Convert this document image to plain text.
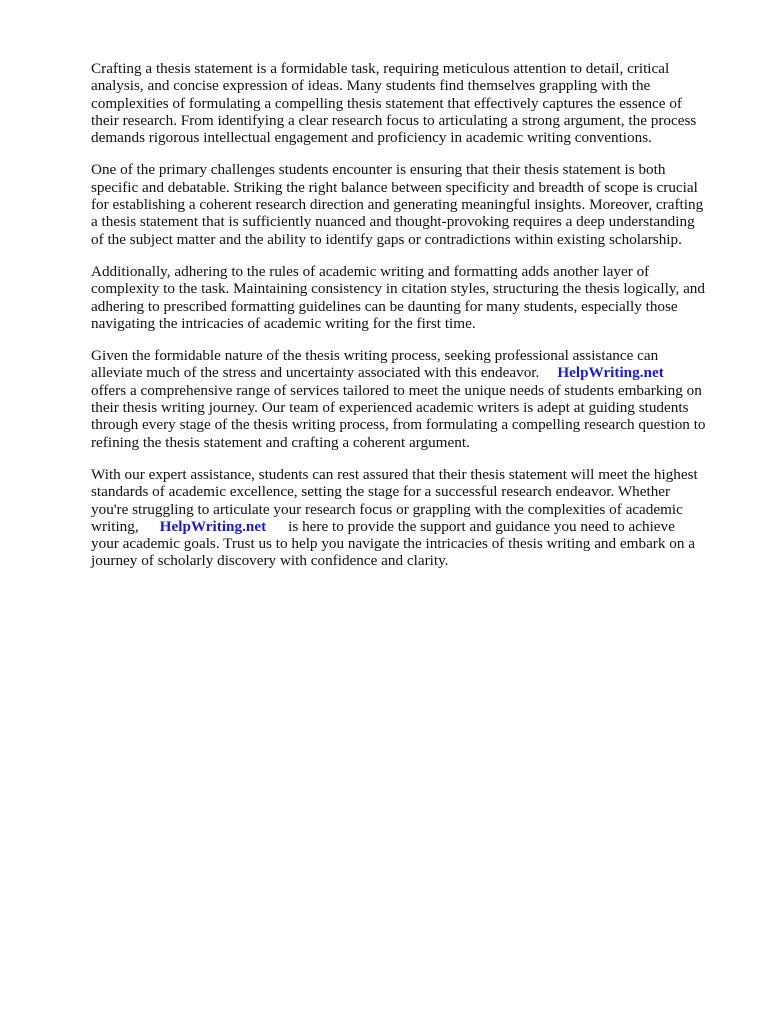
Crafting a thesis statement is a formidable task, requiring meticulous attention to detail, critical
analysis, and concise expression of ideas. Many students find themselves grappling with the
complexities of formulating a compelling thesis statement that effectively captures the essence of
their research. From identifying a clear research focus to articulating a strong argument, the process
demands rigorous intellectual engagement and proficiency in academic writing conventions.

One of the primary challenges students encounter is ensuring that their thesis statement is both
specific and debatable. Striking the right balance between specificity and breadth of scope is crucial
for establishing a coherent research direction and generating meaningful insights. Moreover, crafting
a thesis statement that is sufficiently nuanced and thought-provoking requires a deep understanding
of the subject matter and the ability to identify gaps or contradictions within existing scholarship.

Additionally, adhering to the rules of academic writing and formatting adds another layer of
complexity to the task. Maintaining consistency in citation styles, structuring the thesis logically, and
adhering to prescribed formatting guidelines can be daunting for many students, especially those
navigating the intricacies of academic writing for the first time.

Given the formidable nature of the thesis writing process, seeking professional assistance can
alleviate much of the stress and uncertainty associated with this endeavor. HelpWriting.net
offers a comprehensive range of services tailored to meet the unique needs of students embarking on
their thesis writing journey. Our team of experienced academic writers is adept at guiding students
through every stage of the thesis writing process, from formulating a compelling research question to
refining the thesis statement and crafting a coherent argument.

With our expert assistance, students can rest assured that their thesis statement will meet the highest
standards of academic excellence, setting the stage for a successful research endeavor. Whether
you're struggling to articulate your research focus or grappling with the complexities of academic
writing, HelpWriting.net is here to provide the support and guidance you need to achieve
your academic goals. Trust us to help you navigate the intricacies of thesis writing and embark on a
journey of scholarly discovery with confidence and clarity.
